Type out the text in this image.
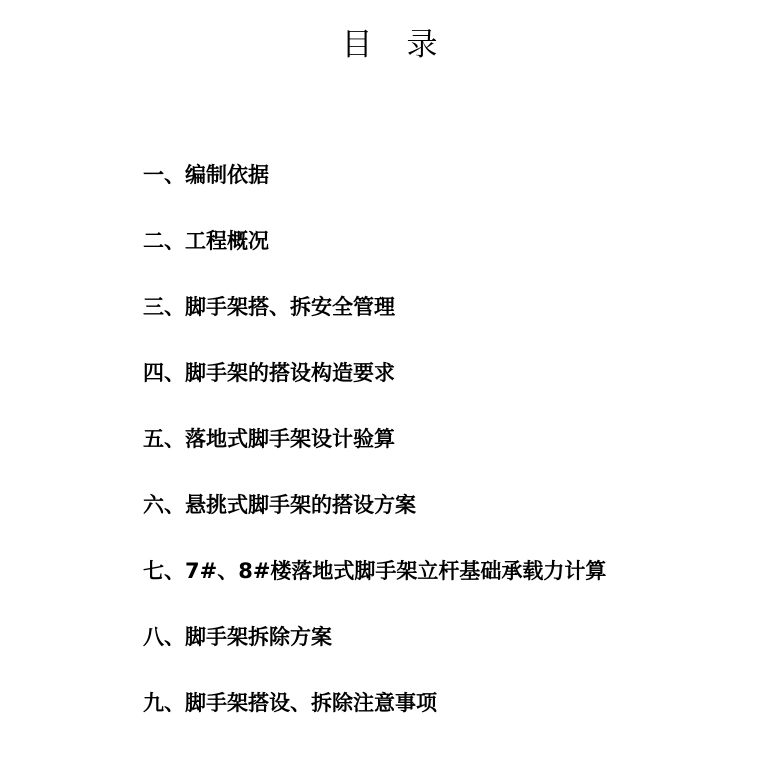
目录
一、编制依据
二、工程概况
三、脚手架搭、拆安全管理
四、脚手架的搭设构造要求
五、落地式脚手架设计验算
六、悬挑式脚手架的搭设方案
七、7#、8#楼落地式脚手架立杆基础承载力计算
八、脚手架拆除方案
九、脚手架搭设、拆除注意事项
